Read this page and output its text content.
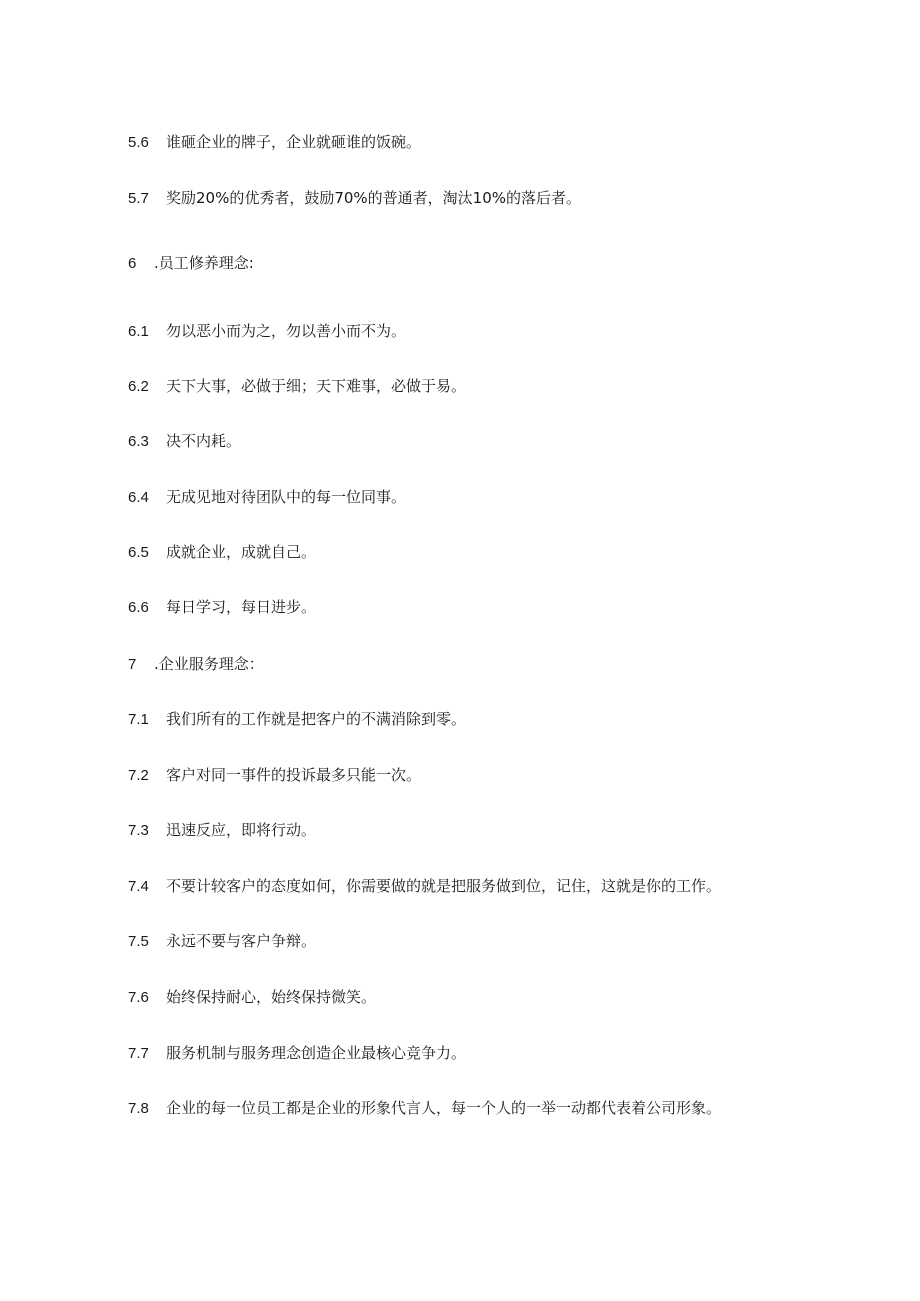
5.6 谁砸企业的牌子，企业就砸谁的饭碗。
5.7 奖励20%的优秀者，鼓励70%的普通者，淘汰10%的落后者。
6 .员工修养理念:
6.1 勿以恶小而为之，勿以善小而不为。
6.2 天下大事，必做于细；天下难事，必做于易。
6.3 决不内耗。
6.4 无成见地对待团队中的每一位同事。
6.5 成就企业，成就自己。
6.6 每日学习，每日进步。
7 .企业服务理念：
7.1 我们所有的工作就是把客户的不满消除到零。
7.2 客户对同一事件的投诉最多只能一次。
7.3 迅速反应，即将行动。
7.4 不要计较客户的态度如何，你需要做的就是把服务做到位，记住，这就是你的工作。
7.5 永远不要与客户争辩。
7.6 始终保持耐心，始终保持微笑。
7.7 服务机制与服务理念创造企业最核心竞争力。
7.8 企业的每一位员工都是企业的形象代言人，每一个人的一举一动都代表着公司形象。
